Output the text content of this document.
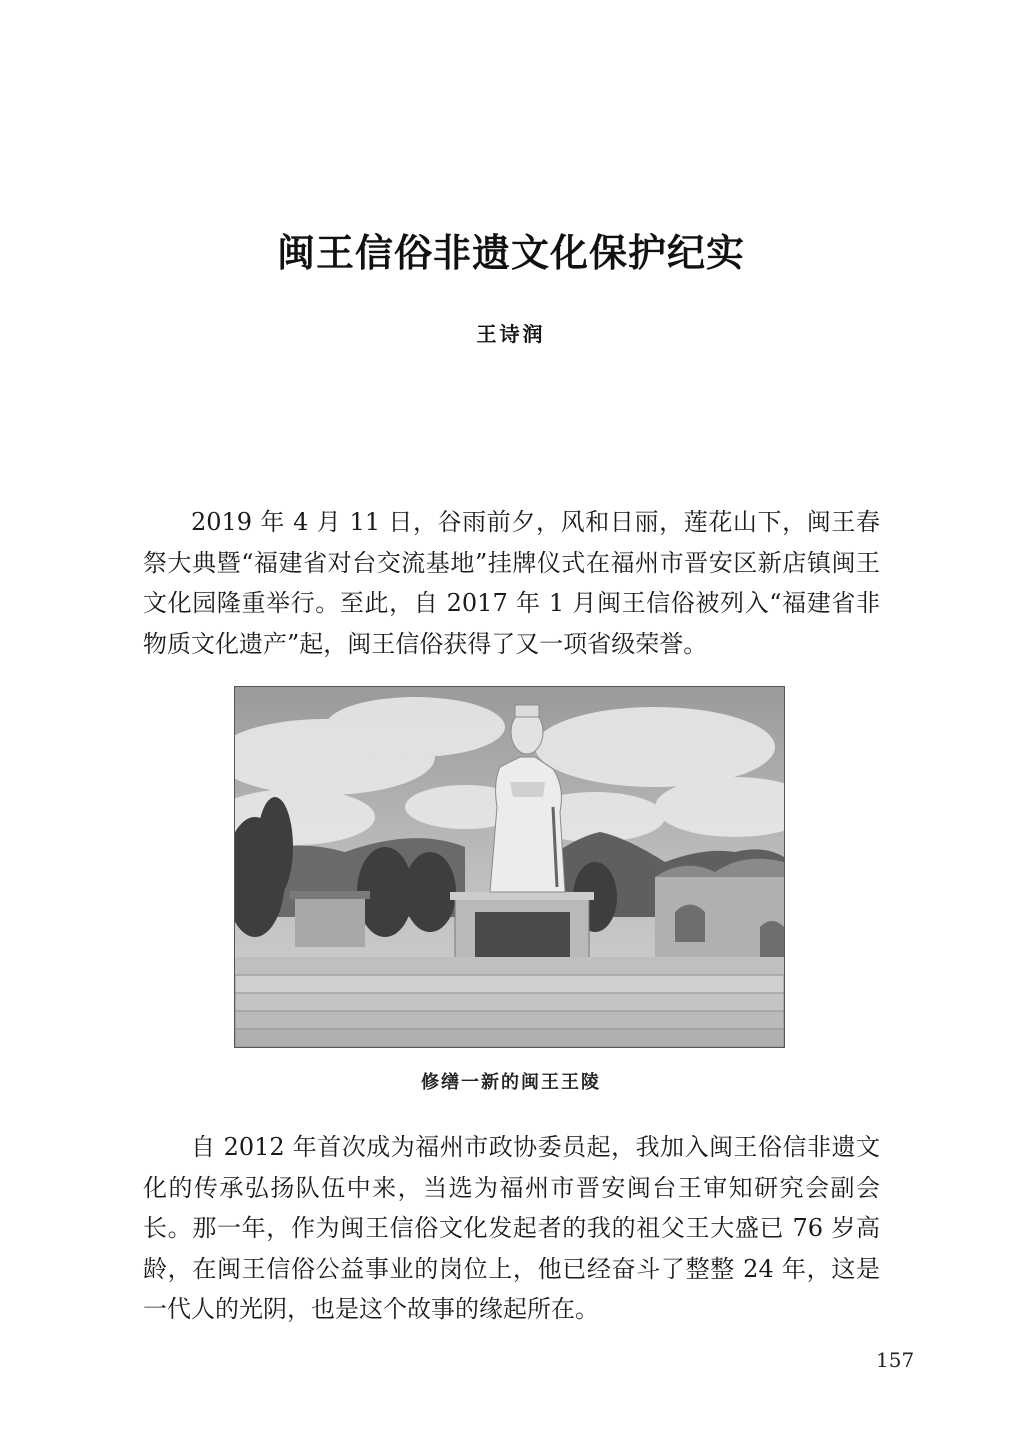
闽王信俗非遗文化保护纪实
王诗润

2019 年 4 月 11 日，谷雨前夕，风和日丽，莲花山下，闽王春祭大典暨“福建省对台交流基地”挂牌仪式在福州市晋安区新店镇闽王文化园隆重举行。至此，自 2017 年 1 月闽王信俗被列入“福建省非物质文化遗产”起，闽王信俗获得了又一项省级荣誉。

修缮一新的闽王王陵

自 2012 年首次成为福州市政协委员起，我加入闽王俗信非遗文化的传承弘扬队伍中来，当选为福州市晋安闽台王审知研究会副会长。那一年，作为闽王信俗文化发起者的我的祖父王大盛已 76 岁高龄，在闽王信俗公益事业的岗位上，他已经奋斗了整整 24 年，这是一代人的光阴，也是这个故事的缘起所在。

157
